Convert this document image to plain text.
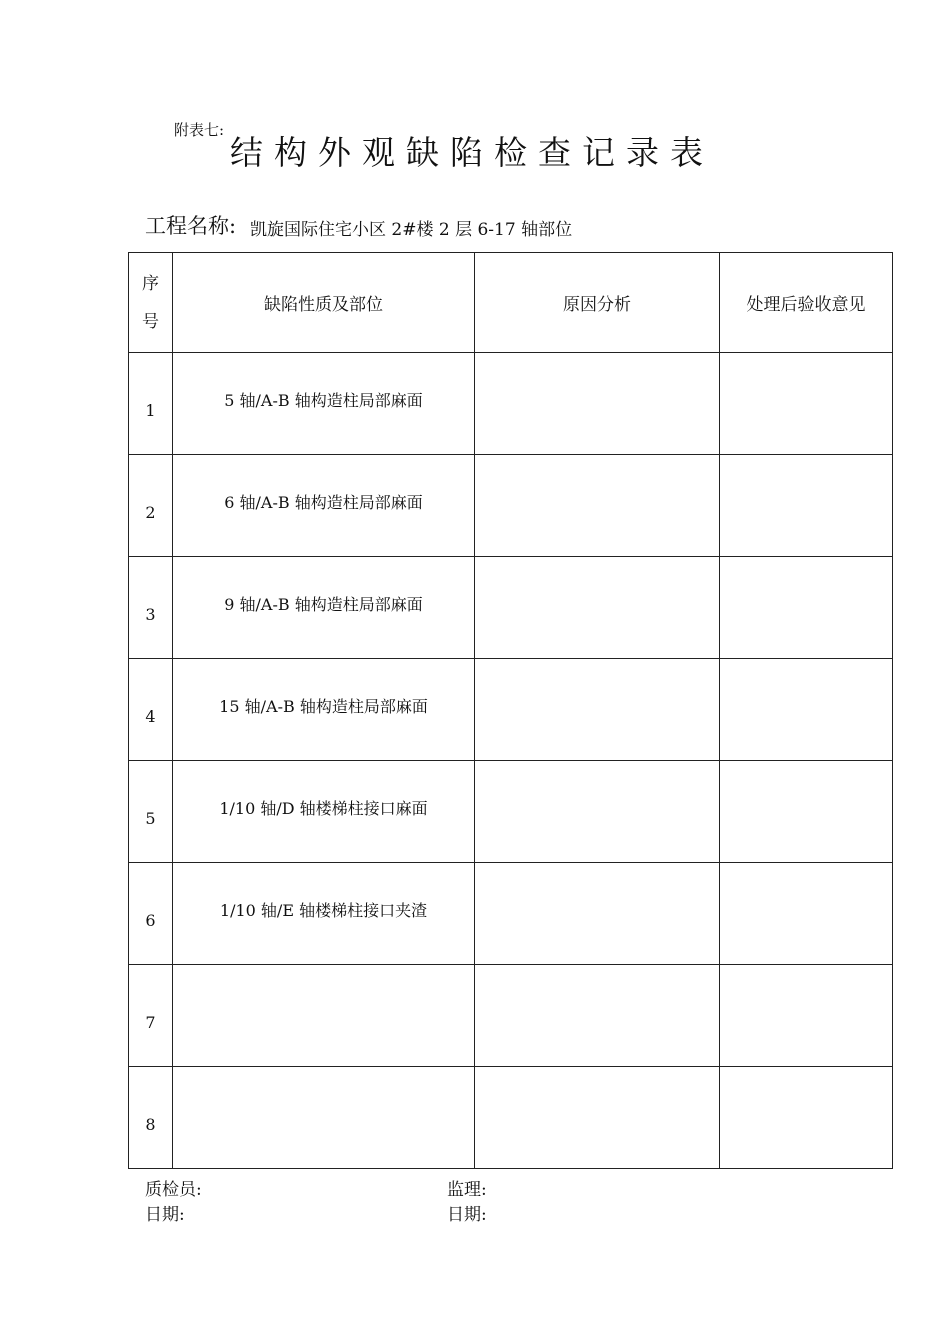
附表七:
结构外观缺陷检查记录表
工程名称: 凯旋国际住宅小区 2#楼 2 层 6-17 轴部位
序
号	缺陷性质及部位	原因分析	处理后验收意见
1	5 轴/A-B 轴构造柱局部麻面		
2	6 轴/A-B 轴构造柱局部麻面		
3	9 轴/A-B 轴构造柱局部麻面		
4	15 轴/A-B 轴构造柱局部麻面		
5	1/10 轴/D 轴楼梯柱接口麻面		
6	1/10 轴/E 轴楼梯柱接口夹渣		
7			
8			
质检员:	监理:
日期:	日期:
